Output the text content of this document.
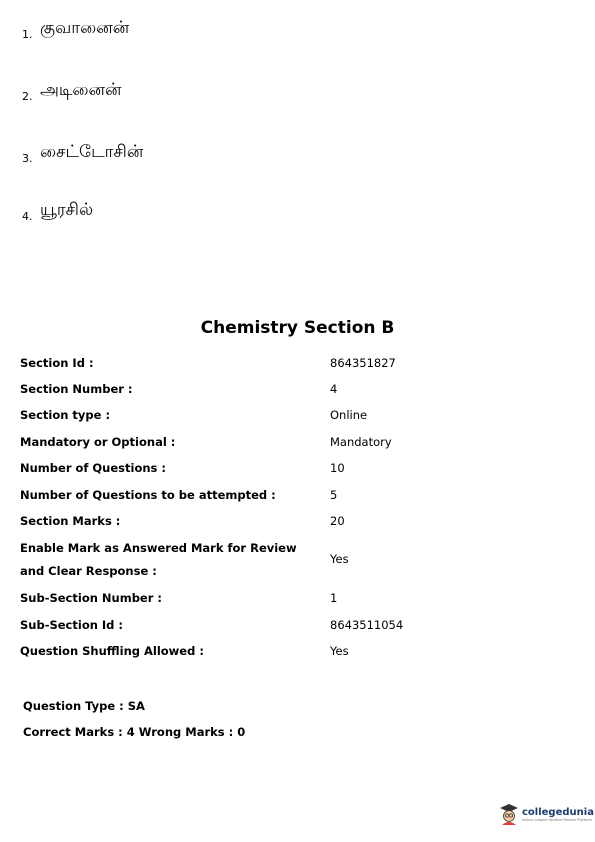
1. குவானைன்
2. அடினைன்
3. சைட்டோசின்
4. யூரசில்
Chemistry Section B
Section Id :	864351827
Section Number :	4
Section type :	Online
Mandatory or Optional :	Mandatory
Number of Questions :	10
Number of Questions to be attempted :	5
Section Marks :	20
Enable Mark as Answered Mark for Review and Clear Response :
Yes
Sub-Section Number :	1
Sub-Section Id :	8643511054
Question Shuffling Allowed :	Yes
Question Type : SA
Correct Marks : 4 Wrong Marks : 0
collegedunia
India's Largest Student Review Platform
